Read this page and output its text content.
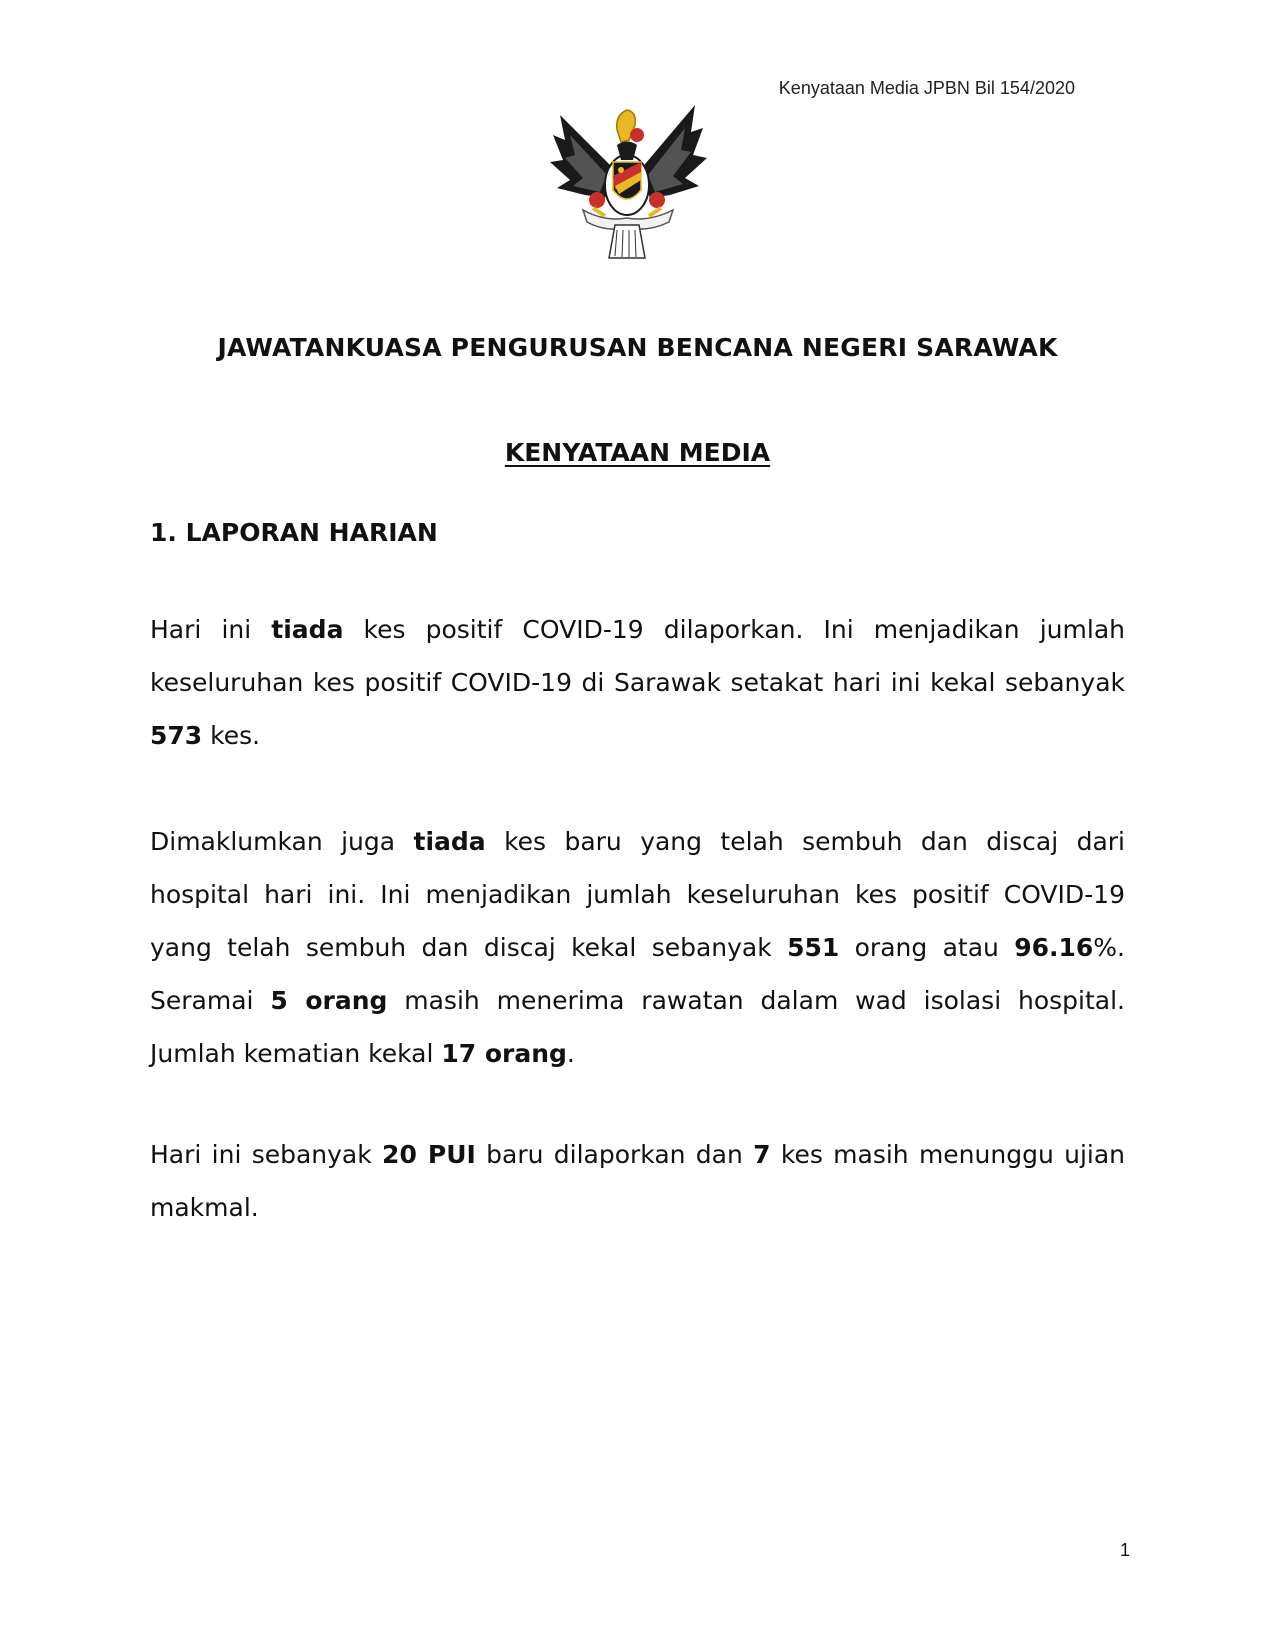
Kenyataan Media JPBN Bil 154/2020
JAWATANKUASA PENGURUSAN BENCANA NEGERI SARAWAK
KENYATAAN MEDIA
1. LAPORAN HARIAN

Hari ini tiada kes positif COVID-19 dilaporkan. Ini menjadikan jumlah keseluruhan kes positif COVID-19 di Sarawak setakat hari ini kekal sebanyak 573 kes.

Dimaklumkan juga tiada kes baru yang telah sembuh dan discaj dari hospital hari ini. Ini menjadikan jumlah keseluruhan kes positif COVID-19 yang telah sembuh dan discaj kekal sebanyak 551 orang atau 96.16%. Seramai 5 orang masih menerima rawatan dalam wad isolasi hospital. Jumlah kematian kekal 17 orang.

Hari ini sebanyak 20 PUI baru dilaporkan dan 7 kes masih menunggu ujian makmal.

1
